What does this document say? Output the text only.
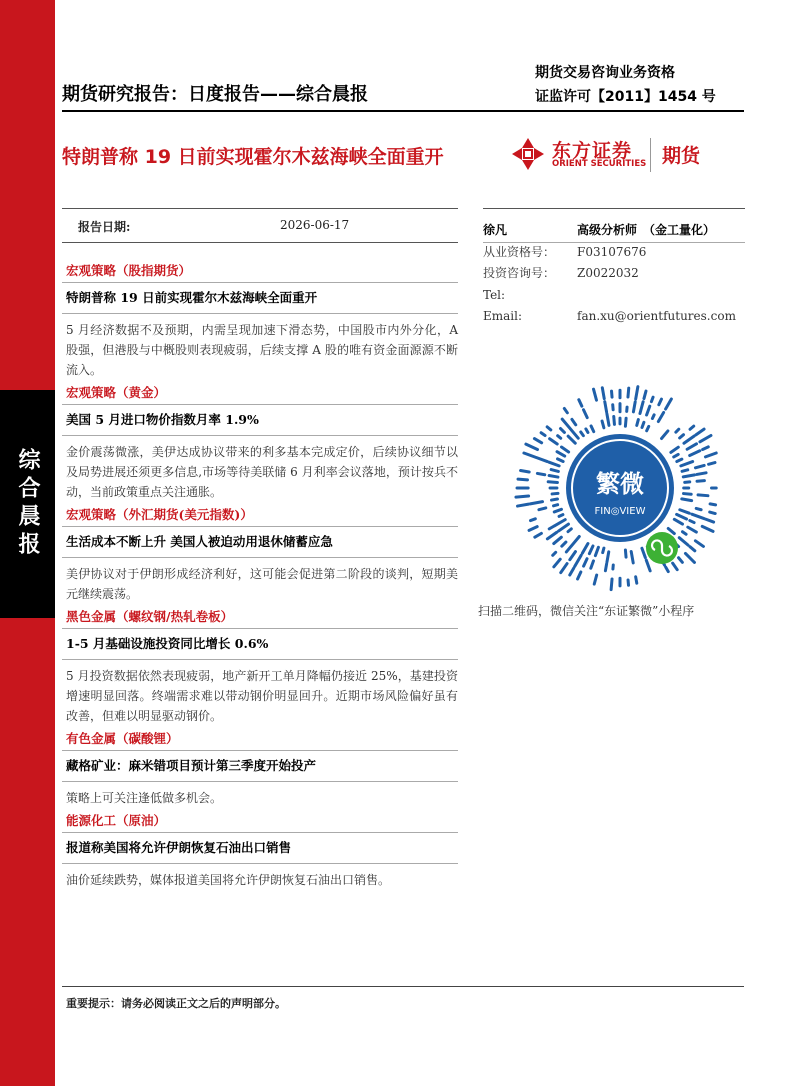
综合晨报
期货研究报告：日度报告——综合晨报
期货交易咨询业务资格
证监许可【2011】1454 号
特朗普称 19 日前实现霍尔木兹海峡全面重开	东方证券
ORIENT SECURITIES 期货
报告日期:	2026-06-17
宏观策略（股指期货）
特朗普称 19 日前实现霍尔木兹海峡全面重开
5 月经济数据不及预期，内需呈现加速下滑态势，中国股市内外分化，A 股强，但港股与中概股则表现疲弱，后续支撑 A 股的唯有资金面源源不断流入。
宏观策略（黄金）
美国 5 月进口物价指数月率 1.9%
金价震荡微涨，美伊达成协议带来的利多基本完成定价，后续协议细节以及局势进展还须更多信息,市场等待美联储 6 月利率会议落地，预计按兵不动，当前政策重点关注通胀。
宏观策略（外汇期货(美元指数)）
生活成本不断上升 美国人被迫动用退休储蓄应急
美伊协议对于伊朗形成经济利好，这可能会促进第二阶段的谈判，短期美元继续震荡。
黑色金属（螺纹钢/热轧卷板）
1-5 月基础设施投资同比增长 0.6%
5 月投资数据依然表现疲弱，地产新开工单月降幅仍接近 25%，基建投资增速明显回落。终端需求难以带动钢价明显回升。近期市场风险偏好虽有改善，但难以明显驱动钢价。
有色金属（碳酸锂）
藏格矿业：麻米错项目预计第三季度开始投产
策略上可关注逢低做多机会。
能源化工（原油）
报道称美国将允许伊朗恢复石油出口销售
油价延续跌势，媒体报道美国将允许伊朗恢复石油出口销售。
徐凡	高级分析师　（金工量化）
从业资格号： F03107676
投资咨询号： Z0022032
Tel:
Email:	fan.xu@orientfutures.com
繁微
FIN◎VIEW
扫描二维码，微信关注“东证繁微”小程序
重要提示：请务必阅读正文之后的声明部分。
